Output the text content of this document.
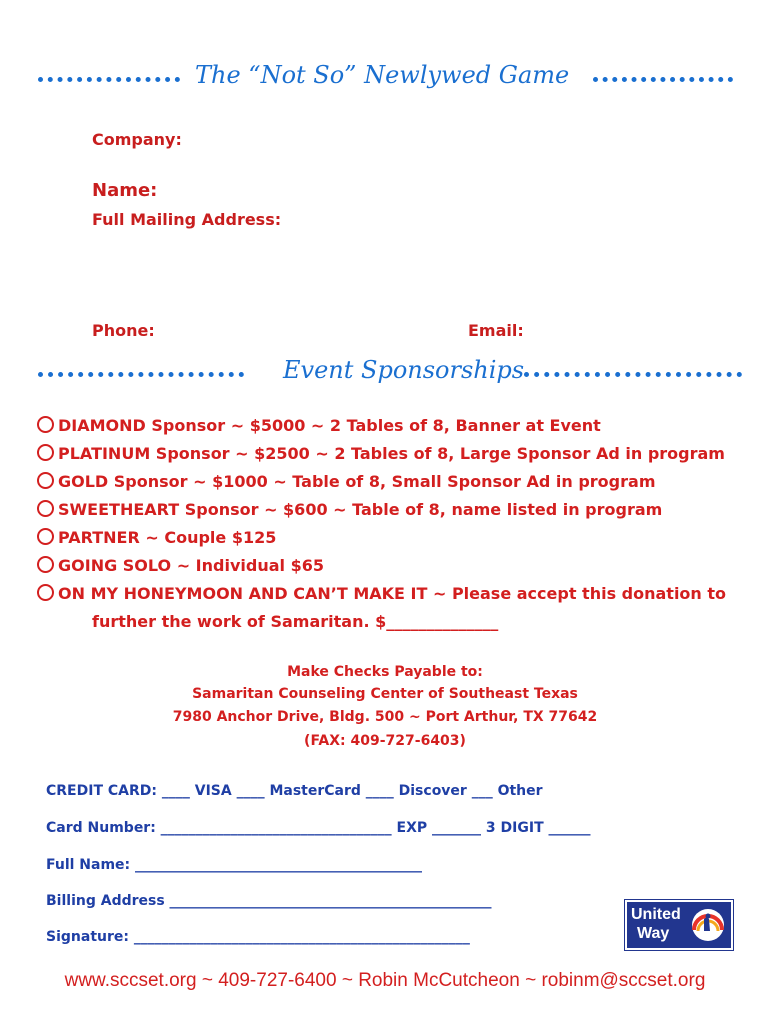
The “Not So” Newlywed Game
Company:
Name:
Full Mailing Address:
Phone:	Email:
Event Sponsorships
DIAMOND Sponsor ~ $5000 ~ 2 Tables of 8, Banner at Event
PLATINUM Sponsor ~ $2500 ~ 2 Tables of 8, Large Sponsor Ad in program
GOLD Sponsor ~ $1000 ~ Table of 8, Small Sponsor Ad in program
SWEETHEART Sponsor ~ $600 ~ Table of 8, name listed in program
PARTNER ~ Couple $125
GOING SOLO ~ Individual $65
ON MY HONEYMOON AND CAN’T MAKE IT ~ Please accept this donation to
further the work of Samaritan. $______________
Make Checks Payable to:
Samaritan Counseling Center of Southeast Texas
7980 Anchor Drive, Bldg. 500 ~ Port Arthur, TX 77642
(FAX: 409-727-6403)
CREDIT CARD: ____ VISA ____ MasterCard ____ Discover ___ Other
Card Number: _________________________________ EXP _______ 3 DIGIT ______
Full Name: _________________________________________
Billing Address ______________________________________________
Signature: ________________________________________________
United
Way
www.sccset.org ~ 409-727-6400 ~ Robin McCutcheon ~ robinm@sccset.org
